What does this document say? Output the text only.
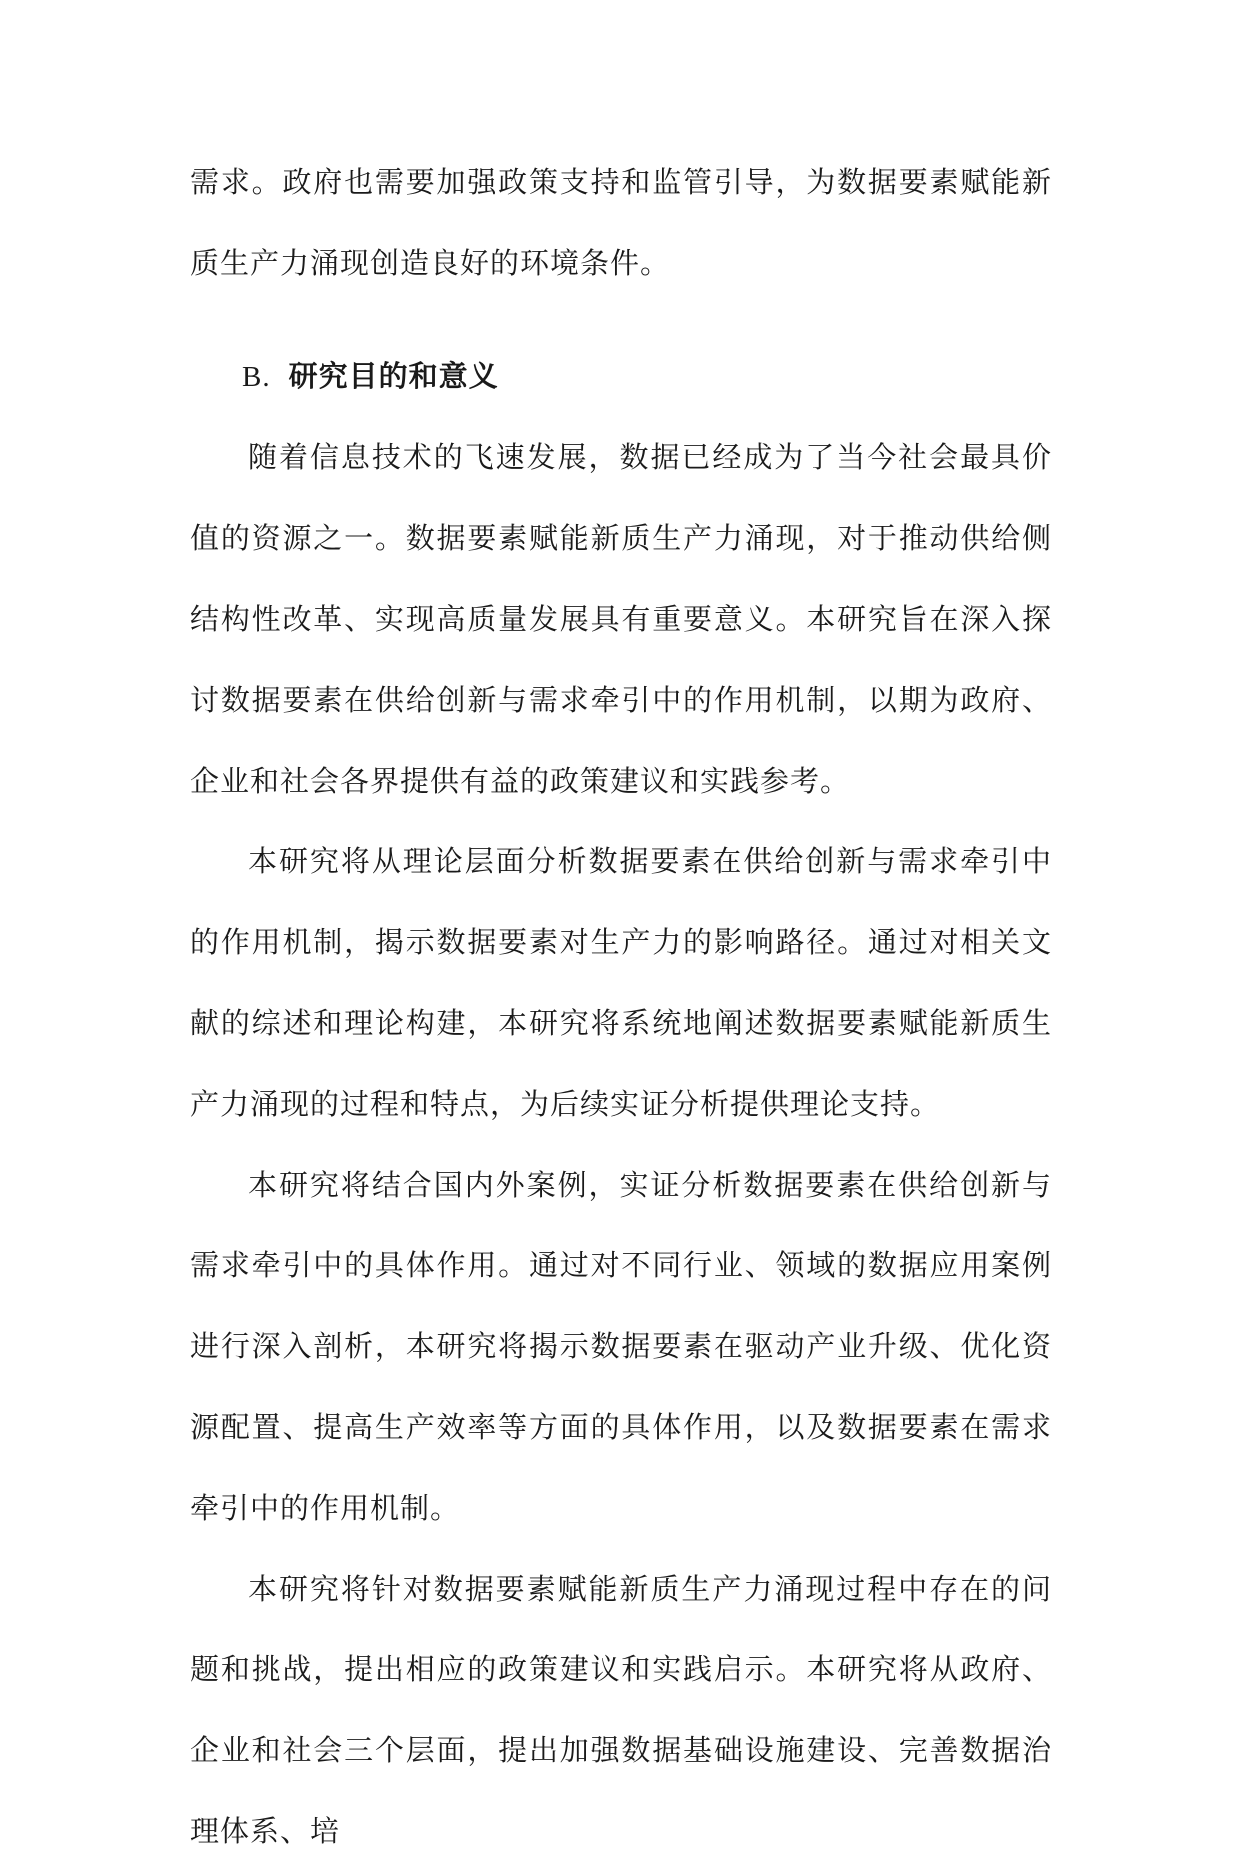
需求。政府也需要加强政策支持和监管引导，为数据要素赋能新质生产力涌现创造良好的环境条件。

B. 研究目的和意义

随着信息技术的飞速发展，数据已经成为了当今社会最具价值的资源之一。数据要素赋能新质生产力涌现，对于推动供给侧结构性改革、实现高质量发展具有重要意义。本研究旨在深入探讨数据要素在供给创新与需求牵引中的作用机制，以期为政府、企业和社会各界提供有益的政策建议和实践参考。

本研究将从理论层面分析数据要素在供给创新与需求牵引中的作用机制，揭示数据要素对生产力的影响路径。通过对相关文献的综述和理论构建，本研究将系统地阐述数据要素赋能新质生产力涌现的过程和特点，为后续实证分析提供理论支持。

本研究将结合国内外案例，实证分析数据要素在供给创新与需求牵引中的具体作用。通过对不同行业、领域的数据应用案例进行深入剖析，本研究将揭示数据要素在驱动产业升级、优化资源配置、提高生产效率等方面的具体作用，以及数据要素在需求牵引中的作用机制。

本研究将针对数据要素赋能新质生产力涌现过程中存在的问题和挑战，提出相应的政策建议和实践启示。本研究将从政府、企业和社会三个层面，提出加强数据基础设施建设、完善数据治理体系、培
